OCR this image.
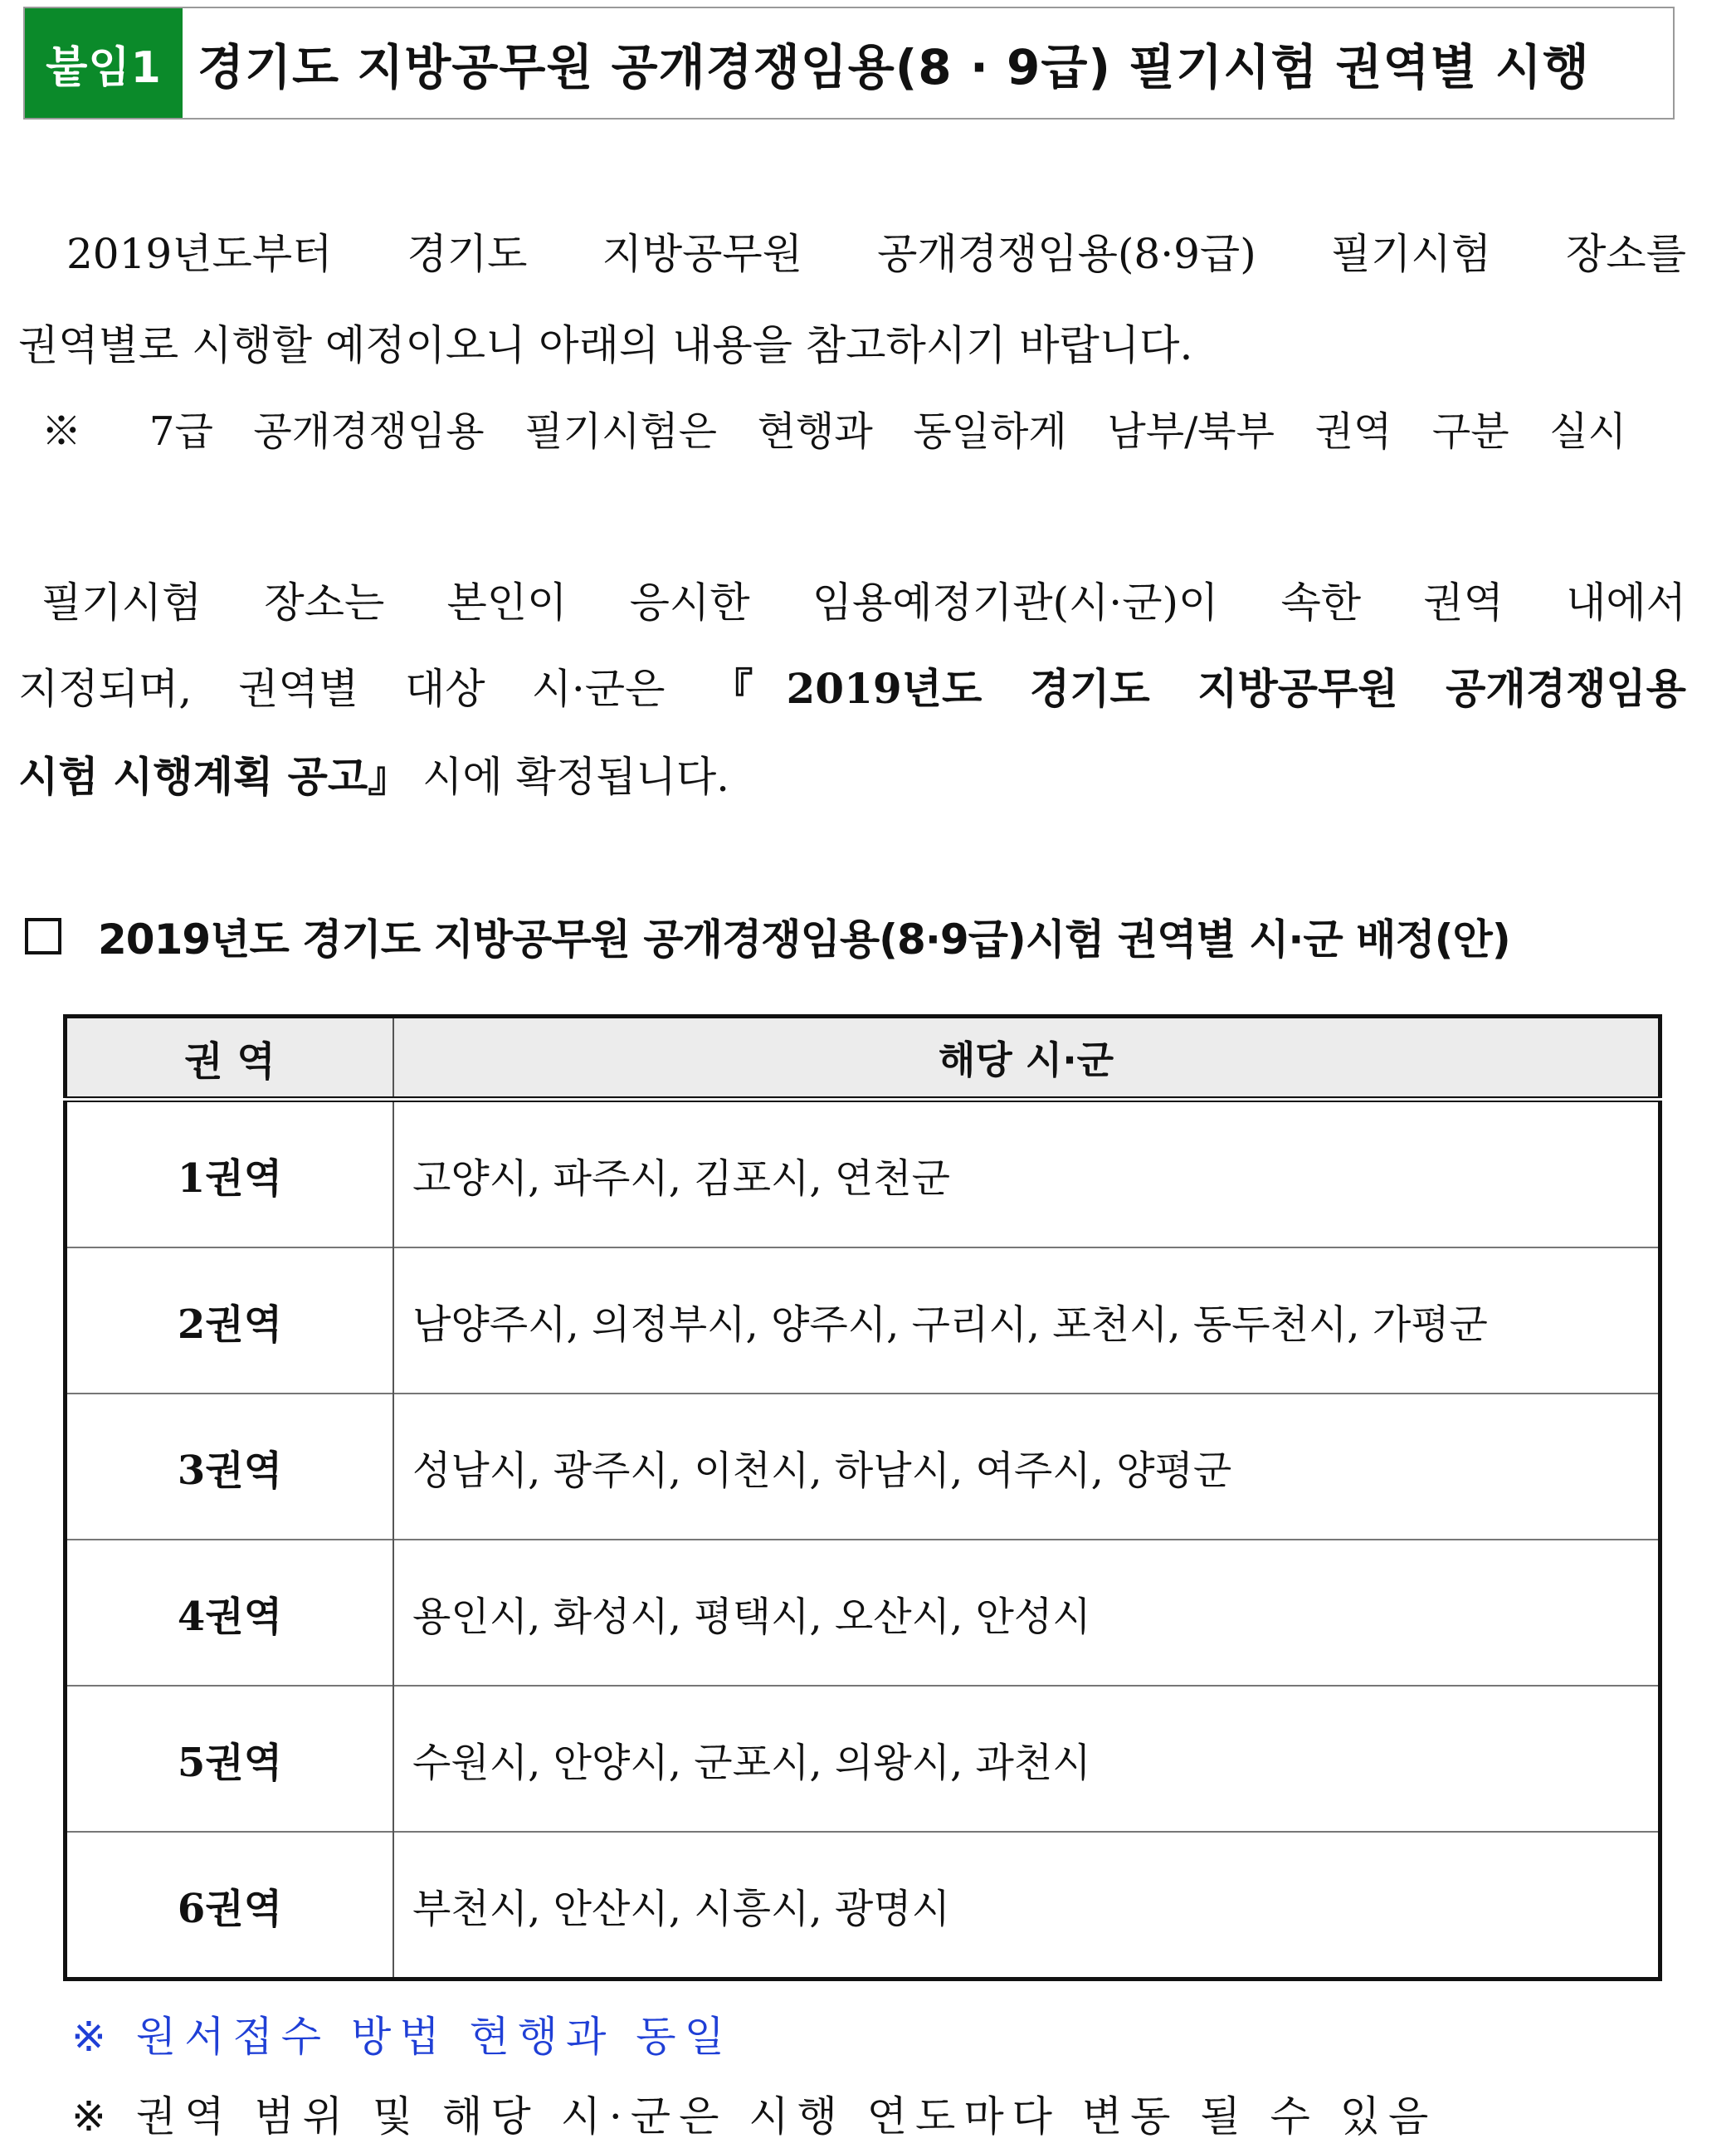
붙임1 경기도 지방공무원 공개경쟁임용(8 · 9급) 필기시험 권역별 시행
2019년도부터 경기도 지방공무원 공개경쟁임용(8·9급) 필기시험 장소를
권역별로 시행할 예정이오니 아래의 내용을 참고하시기 바랍니다.
※ 7급 공개경쟁임용 필기시험은 현행과 동일하게 남부/북부 권역 구분 실시
필기시험 장소는 본인이 응시한 임용예정기관(시·군)이 속한 권역 내에서
지정되며, 권역별 대상 시·군은 『2019년도 경기도 지방공무원 공개경쟁임용
시험 시행계획 공고』 시에 확정됩니다.
2019년도 경기도 지방공무원 공개경쟁임용(8·9급)시험 권역별 시·군 배정(안)
권 역	해당 시·군
1권역	고양시, 파주시, 김포시, 연천군
2권역	남양주시, 의정부시, 양주시, 구리시, 포천시, 동두천시, 가평군
3권역	성남시, 광주시, 이천시, 하남시, 여주시, 양평군
4권역	용인시, 화성시, 평택시, 오산시, 안성시
5권역	수원시, 안양시, 군포시, 의왕시, 과천시
6권역	부천시, 안산시, 시흥시, 광명시
※ 원서접수 방법 현행과 동일
※ 권역 범위 및 해당 시·군은 시행 연도마다 변동 될 수 있음
